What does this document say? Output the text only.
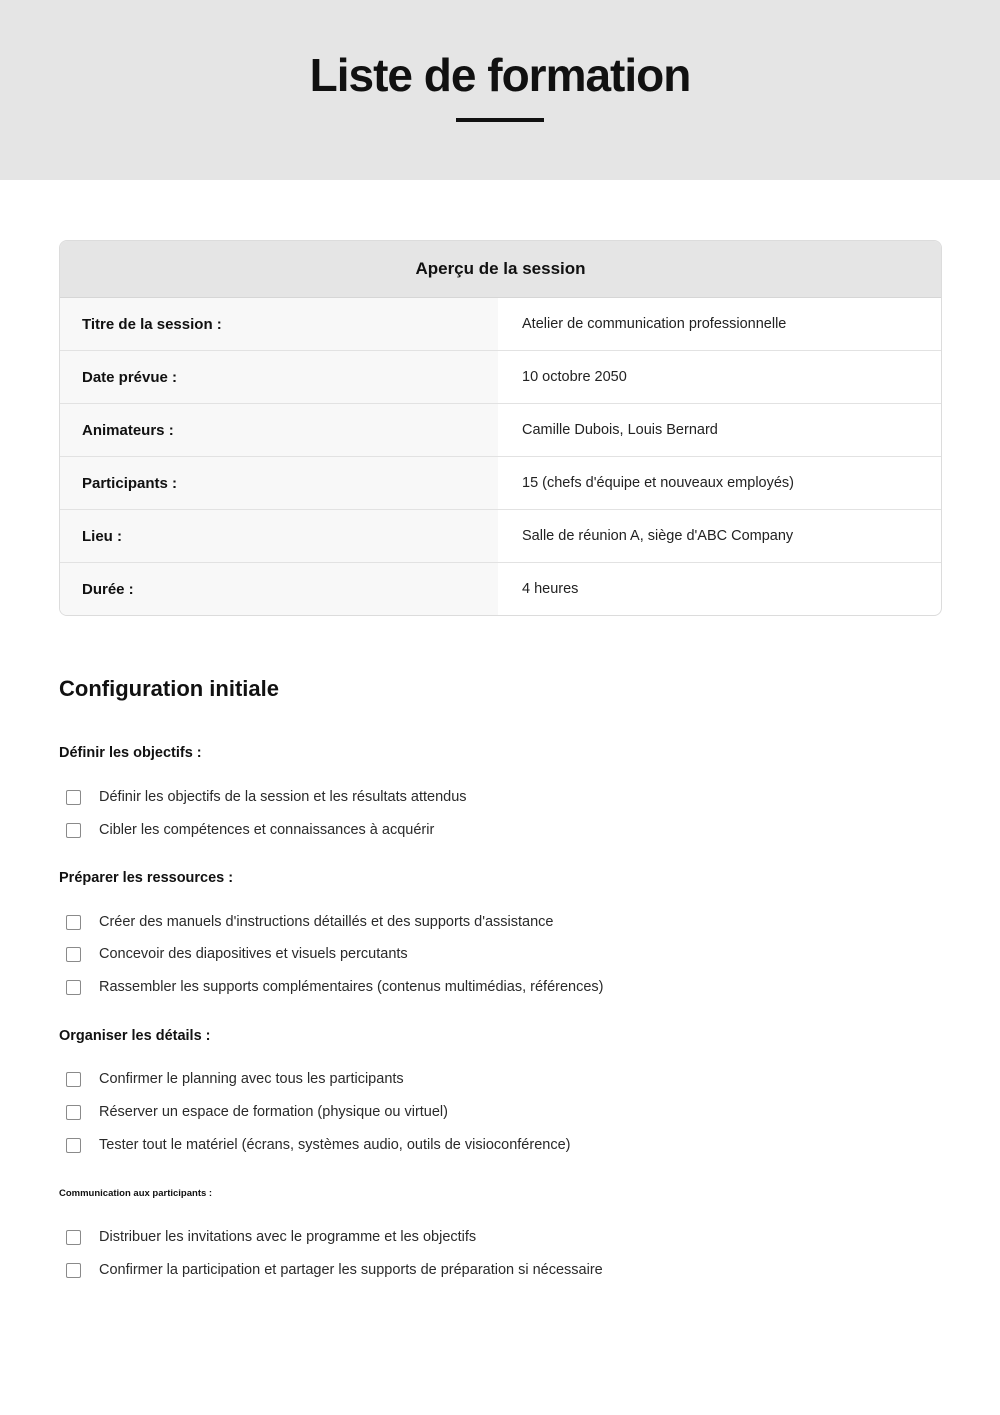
Liste de formation
Aperçu de la session
Titre de la session :	Atelier de communication professionnelle
Date prévue :	10 octobre 2050
Animateurs :	Camille Dubois, Louis Bernard
Participants :	15 (chefs d'équipe et nouveaux employés)
Lieu :	Salle de réunion A, siège d'ABC Company
Durée :	4 heures
Configuration initiale
Définir les objectifs :
Définir les objectifs de la session et les résultats attendus
Cibler les compétences et connaissances à acquérir
Préparer les ressources :
Créer des manuels d'instructions détaillés et des supports d'assistance
Concevoir des diapositives et visuels percutants
Rassembler les supports complémentaires (contenus multimédias, références)
Organiser les détails :
Confirmer le planning avec tous les participants
Réserver un espace de formation (physique ou virtuel)
Tester tout le matériel (écrans, systèmes audio, outils de visioconférence)
Communication aux participants :
Distribuer les invitations avec le programme et les objectifs
Confirmer la participation et partager les supports de préparation si nécessaire
